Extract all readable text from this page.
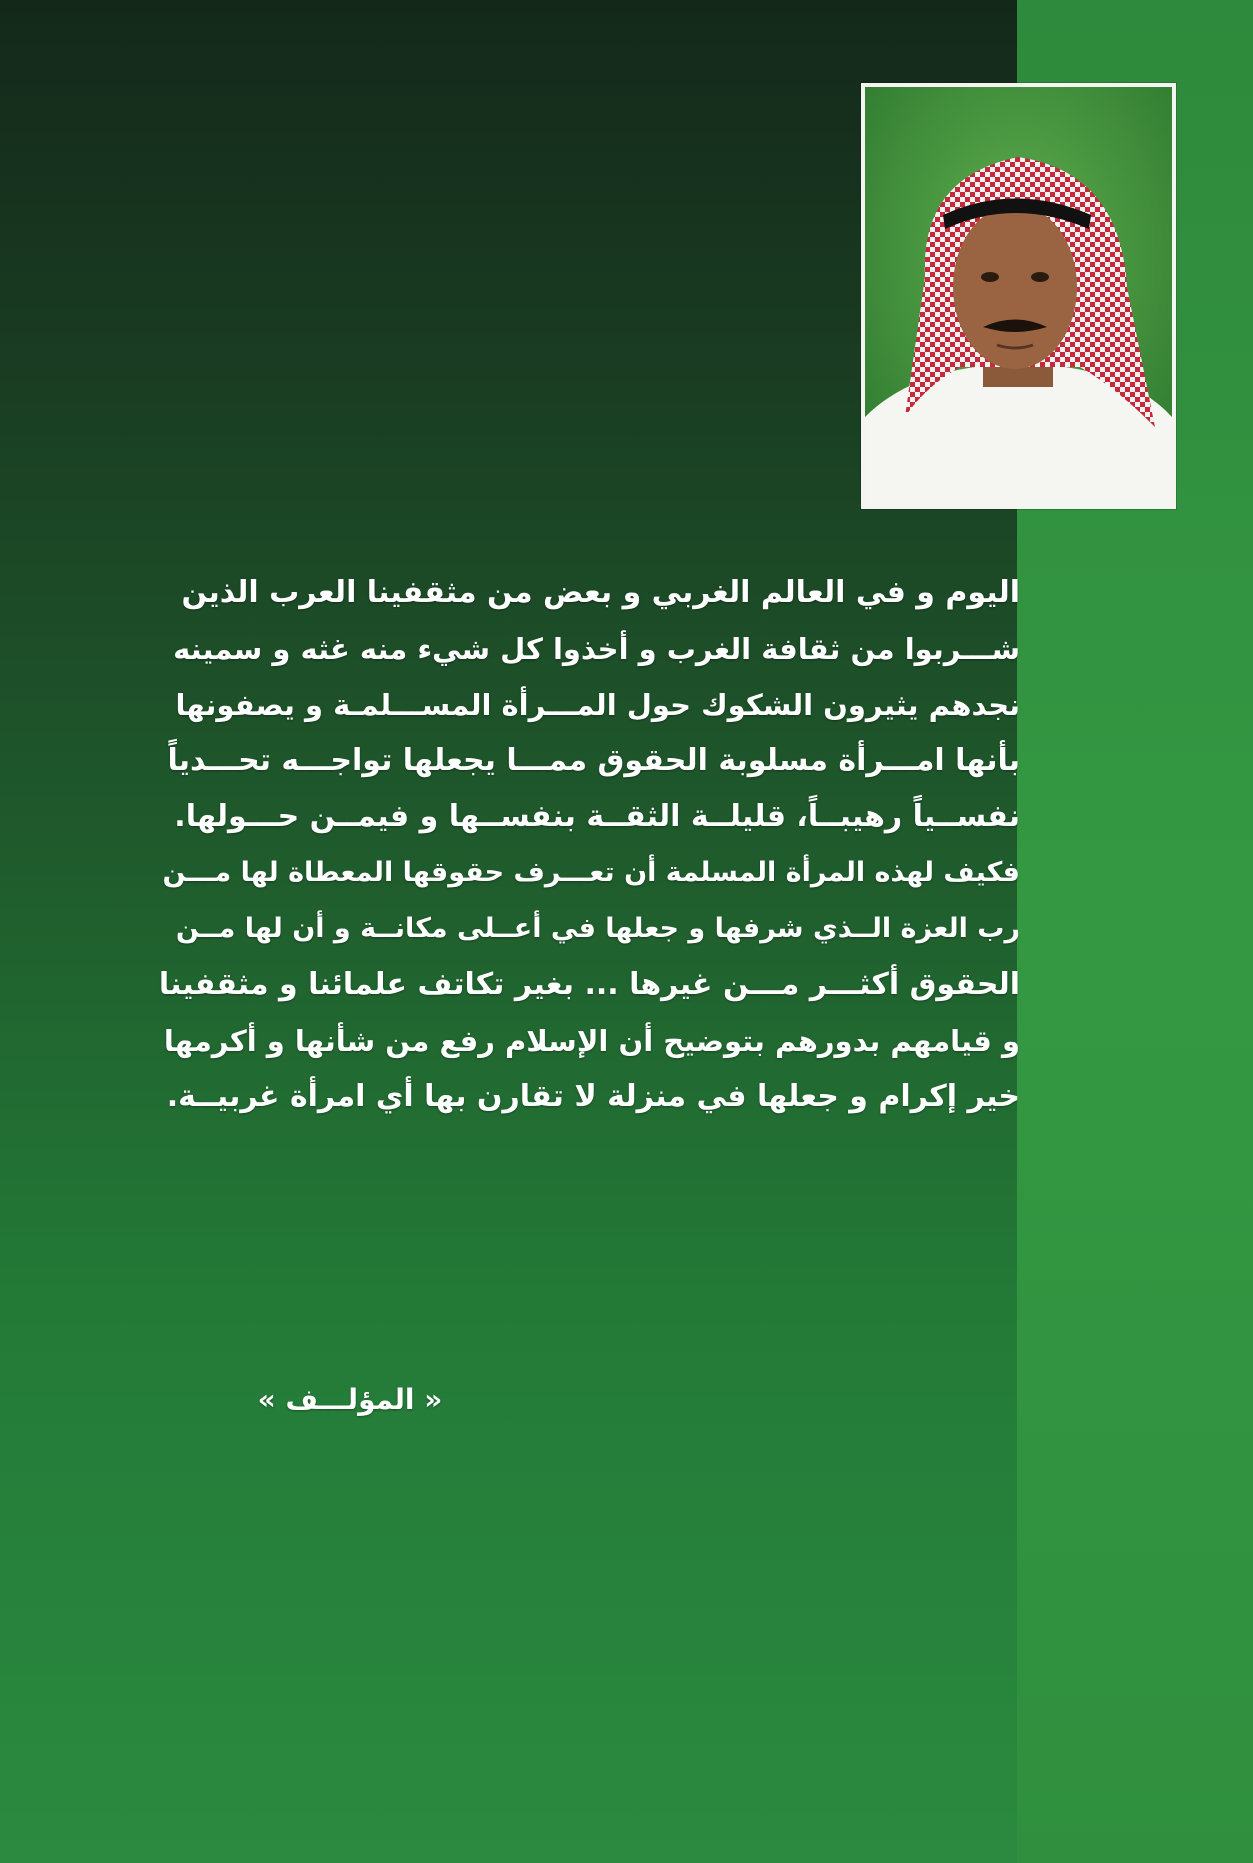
اليوم و في العالم الغربي و بعض من مثقفينا العرب الذين
شـــربوا من ثقافة الغرب و أخذوا كل شيء منه غثه و سمينه
نجدهم يثيرون الشكوك حول المـــرأة المســـلمـة و يصفونها
بأنها امـــرأة مسلوبة الحقوق ممـــا يجعلها تواجـــه تحـــدياً
نفســياً رهيبــاً، قليلــة الثقــة بنفســها و فيمــن حـــولها.
فكيف لهذه المرأة المسلمة أن تعـــرف حقوقها المعطاة لها مـــن
رب العزة الــذي شرفها و جعلها في أعــلى مكانــة و أن لها مــن
الحقوق أكثـــر مـــن غيرها ... بغير تكاتف علمائنا و مثقفينا
و قيامهم بدورهم بتوضيح أن الإسلام رفع من شأنها و أكرمها
خير إكرام و جعلها في منزلة لا تقارن بها أي امرأة غربيــة.
« المؤلـــف »
